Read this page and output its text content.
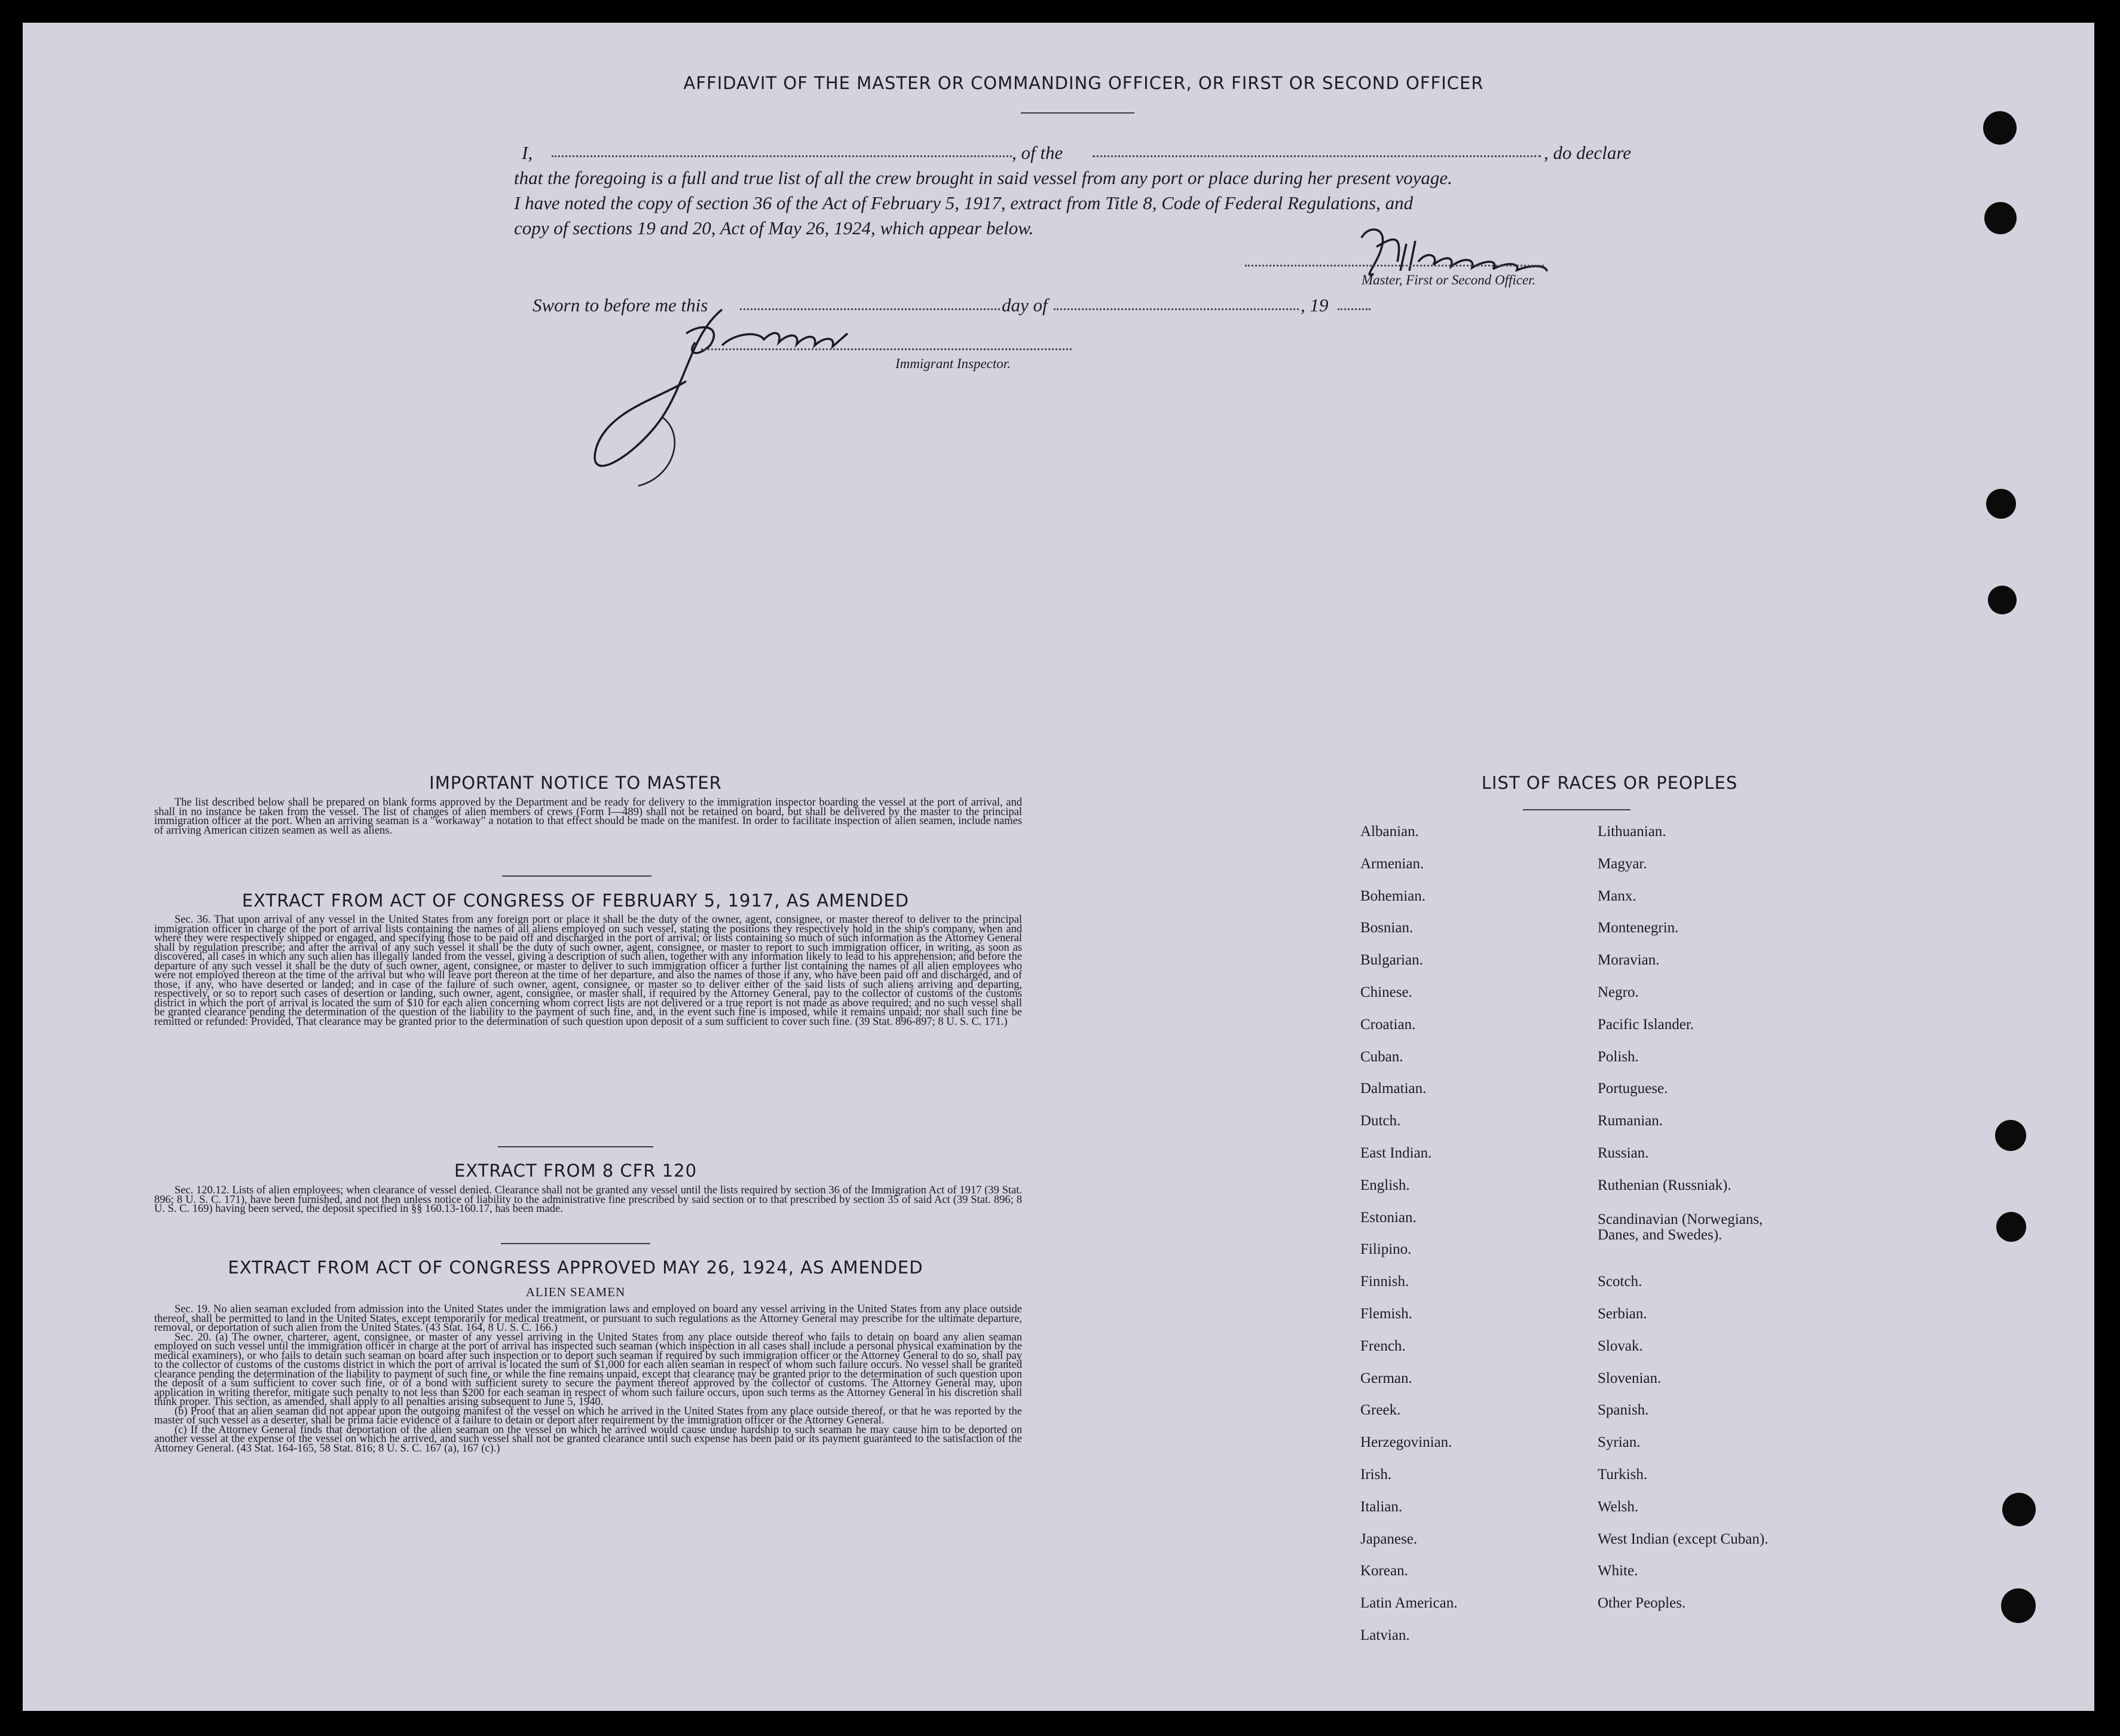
AFFIDAVIT OF THE MASTER OR COMMANDING OFFICER, OR FIRST OR SECOND OFFICER
I,	, of the	, do declare
that the foregoing is a full and true list of all the crew brought in said vessel from any port or place during her present voyage.
I have noted the copy of section 36 of the Act of February 5, 1917, extract from Title 8, Code of Federal Regulations, and
copy of sections 19 and 20, Act of May 26, 1924, which appear below.
Master, First or Second Officer.
Sworn to before me this	day of	, 19
Immigrant Inspector.
IMPORTANT NOTICE TO MASTER
The list described below shall be prepared on blank forms approved by the Department and be ready for delivery to the immigration inspector boarding the vessel at the port of arrival, and shall in no instance be taken from the vessel. The list of changes of alien members of crews (Form I—489) shall not be retained on board, but shall be delivered by the master to the principal immigration officer at the port. When an arriving seaman is a "workaway" a notation to that effect should be made on the manifest. In order to facilitate inspection of alien seamen, include names of arriving American citizen seamen as well as aliens.
EXTRACT FROM ACT OF CONGRESS OF FEBRUARY 5, 1917, AS AMENDED
Sec. 36. That upon arrival of any vessel in the United States from any foreign port or place it shall be the duty of the owner, agent, consignee, or master thereof to deliver to the principal immigration officer in charge of the port of arrival lists containing the names of all aliens employed on such vessel, stating the positions they respectively hold in the ship's company, when and where they were respectively shipped or engaged, and specifying those to be paid off and discharged in the port of arrival; or lists containing so much of such information as the Attorney General shall by regulation prescribe; and after the arrival of any such vessel it shall be the duty of such owner, agent, consignee, or master to report to such immigration officer, in writing, as soon as discovered, all cases in which any such alien has illegally landed from the vessel, giving a description of such alien, together with any information likely to lead to his apprehension; and before the departure of any such vessel it shall be the duty of such owner, agent, consignee, or master to deliver to such immigration officer a further list containing the names of all alien employees who were not employed thereon at the time of the arrival but who will leave port thereon at the time of her departure, and also the names of those if any, who have been paid off and discharged, and of those, if any, who have deserted or landed; and in case of the failure of such owner, agent, consignee, or master so to deliver either of the said lists of such aliens arriving and departing, respectively, or so to report such cases of desertion or landing, such owner, agent, consignee, or master shall, if required by the Attorney General, pay to the collector of customs of the customs district in which the port of arrival is located the sum of $10 for each alien concerning whom correct lists are not delivered or a true report is not made as above required; and no such vessel shall be granted clearance pending the determination of the question of the liability to the payment of such fine, and, in the event such fine is imposed, while it remains unpaid; nor shall such fine be remitted or refunded: Provided, That clearance may be granted prior to the determination of such question upon deposit of a sum sufficient to cover such fine. (39 Stat. 896-897; 8 U. S. C. 171.)
EXTRACT FROM 8 CFR 120
Sec. 120.12. Lists of alien employees; when clearance of vessel denied. Clearance shall not be granted any vessel until the lists required by section 36 of the Immigration Act of 1917 (39 Stat. 896; 8 U. S. C. 171), have been furnished, and not then unless notice of liability to the administrative fine prescribed by said section or to that prescribed by section 35 of said Act (39 Stat. 896; 8 U. S. C. 169) having been served, the deposit specified in §§ 160.13-160.17, has been made.
EXTRACT FROM ACT OF CONGRESS APPROVED MAY 26, 1924, AS AMENDED
ALIEN SEAMEN
Sec. 19. No alien seaman excluded from admission into the United States under the immigration laws and employed on board any vessel arriving in the United States from any place outside thereof, shall be permitted to land in the United States, except temporarily for medical treatment, or pursuant to such regulations as the Attorney General may prescribe for the ultimate departure, removal, or deportation of such alien from the United States. (43 Stat. 164, 8 U. S. C. 166.)
Sec. 20. (a) The owner, charterer, agent, consignee, or master of any vessel arriving in the United States from any place outside thereof who fails to detain on board any alien seaman employed on such vessel until the immigration officer in charge at the port of arrival has inspected such seaman (which inspection in all cases shall include a personal physical examination by the medical examiners), or who fails to detain such seaman on board after such inspection or to deport such seaman if required by such immigration officer or the Attorney General to do so, shall pay to the collector of customs of the customs district in which the port of arrival is located the sum of $1,000 for each alien seaman in respect of whom such failure occurs. No vessel shall be granted clearance pending the determination of the liability to payment of such fine, or while the fine remains unpaid, except that clearance may be granted prior to the determination of such question upon the deposit of a sum sufficient to cover such fine, or of a bond with sufficient surety to secure the payment thereof approved by the collector of customs. The Attorney General may, upon application in writing therefor, mitigate such penalty to not less than $200 for each seaman in respect of whom such failure occurs, upon such terms as the Attorney General in his discretion shall think proper. This section, as amended, shall apply to all penalties arising subsequent to June 5, 1940.
(b) Proof that an alien seaman did not appear upon the outgoing manifest of the vessel on which he arrived in the United States from any place outside thereof, or that he was reported by the master of such vessel as a deserter, shall be prima facie evidence of a failure to detain or deport after requirement by the immigration officer or the Attorney General.
(c) If the Attorney General finds that deportation of the alien seaman on the vessel on which he arrived would cause undue hardship to such seaman he may cause him to be deported on another vessel at the expense of the vessel on which he arrived, and such vessel shall not be granted clearance until such expense has been paid or its payment guaranteed to the satisfaction of the Attorney General. (43 Stat. 164-165, 58 Stat. 816; 8 U. S. C. 167 (a), 167 (c).)
LIST OF RACES OR PEOPLES
Albanian.
Armenian.
Bohemian.
Bosnian.
Bulgarian.
Chinese.
Croatian.
Cuban.
Dalmatian.
Dutch.
East Indian.
English.
Estonian.
Filipino.
Finnish.
Flemish.
French.
German.
Greek.
Herzegovinian.
Irish.
Italian.
Japanese.
Korean.
Latin American.
Latvian.
Lithuanian.
Magyar.
Manx.
Montenegrin.
Moravian.
Negro.
Pacific Islander.
Polish.
Portuguese.
Rumanian.
Russian.
Ruthenian (Russniak).
Scandinavian (Norwegians, Danes, and Swedes).
Scotch.
Serbian.
Slovak.
Slovenian.
Spanish.
Syrian.
Turkish.
Welsh.
West Indian (except Cuban).
White.
Other Peoples.
